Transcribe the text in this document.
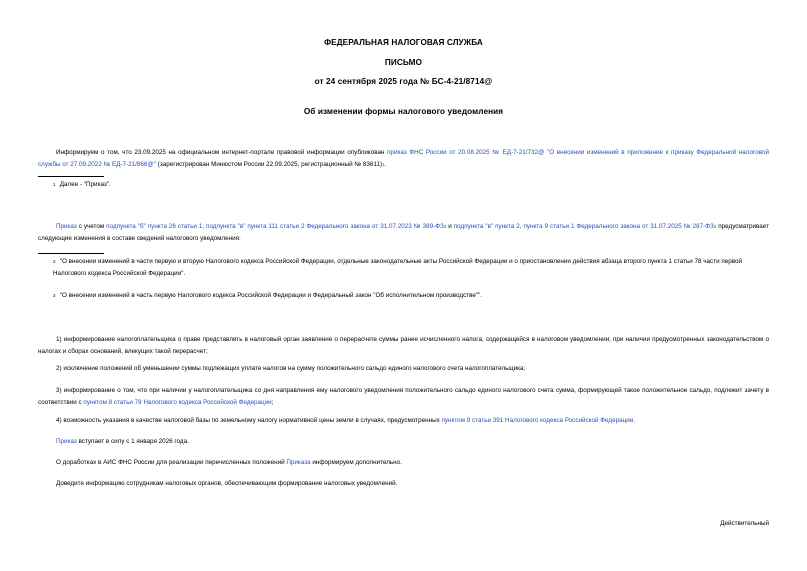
ФЕДЕРАЛЬНАЯ НАЛОГОВАЯ СЛУЖБА
ПИСЬМО
от 24 сентября 2025 года № БС-4-21/8714@
Об изменении формы налогового уведомления
Информируем о том, что 23.09.2025 на официальном интернет-портале правовой информации опубликован приказ ФНС России от 20.08.2025 № ЕД-7-21/732@ "О внесении изменений в приложение к приказу Федеральной налоговой службы от 27.09.2022 № ЕД-7-21/866@" (зарегистрирован Минюстом России 22.09.2025, регистрационный № 83611)$^1$.
1 Далее - "Приказ".
Приказ с учетом подпункта "б" пункта 26 статьи 1, подпункта "в" пункта 111 статьи 2 Федерального закона от 31.07.2023 № $389-ФЗ^2$ и подпункта "в" пункта 2, пункта 9 статьи 1 Федерального закона от 31.07.2025 № $287-ФЗ^3$ предусматривает следующие изменения в составе сведений налогового уведомления:
2 "О внесении изменений в части первую и вторую Налогового кодекса Российской Федерации, отдельные законодательные акты Российской Федерации и о приостановлении действия абзаца второго пункта 1 статьи 78 части первой Налогового кодекса Российской Федерации".
3 "О внесении изменений в часть первую Налогового кодекса Российской Федерации и Федеральный закон "Об исполнительном производстве"".
1) информирование налогоплательщика о праве представлять в налоговый орган заявление о перерасчете суммы ранее исчисленного налога, содержащейся в налоговом уведомлении, при наличии предусмотренных законодательством о налогах и сборах оснований, влекущих такой перерасчет;
2) исключение положений об уменьшении суммы подлежащих уплате налогов на сумму положительного сальдо единого налогового счета налогоплательщика;
3) информирование о том, что при наличии у налогоплательщика со дня направления ему налогового уведомления положительного сальдо единого налогового счета сумма, формирующей такое положительное сальдо, подлежит зачету в соответствии с пунктом 8 статьи 78 Налогового кодекса Российской Федерации;
4) возможность указания в качестве налоговой базы по земельному налогу нормативной цены земли в случаях, предусмотренных пунктом 9 статьи 391 Налогового кодекса Российской Федерации.
Приказ вступает в силу с 1 января 2026 года.
О доработках в АИС ФНС России для реализации перечисленных положений Приказа информируем дополнительно.
Доведите информацию сотрудникам налоговых органов, обеспечивающим формирование налоговых уведомлений.
Действительный
